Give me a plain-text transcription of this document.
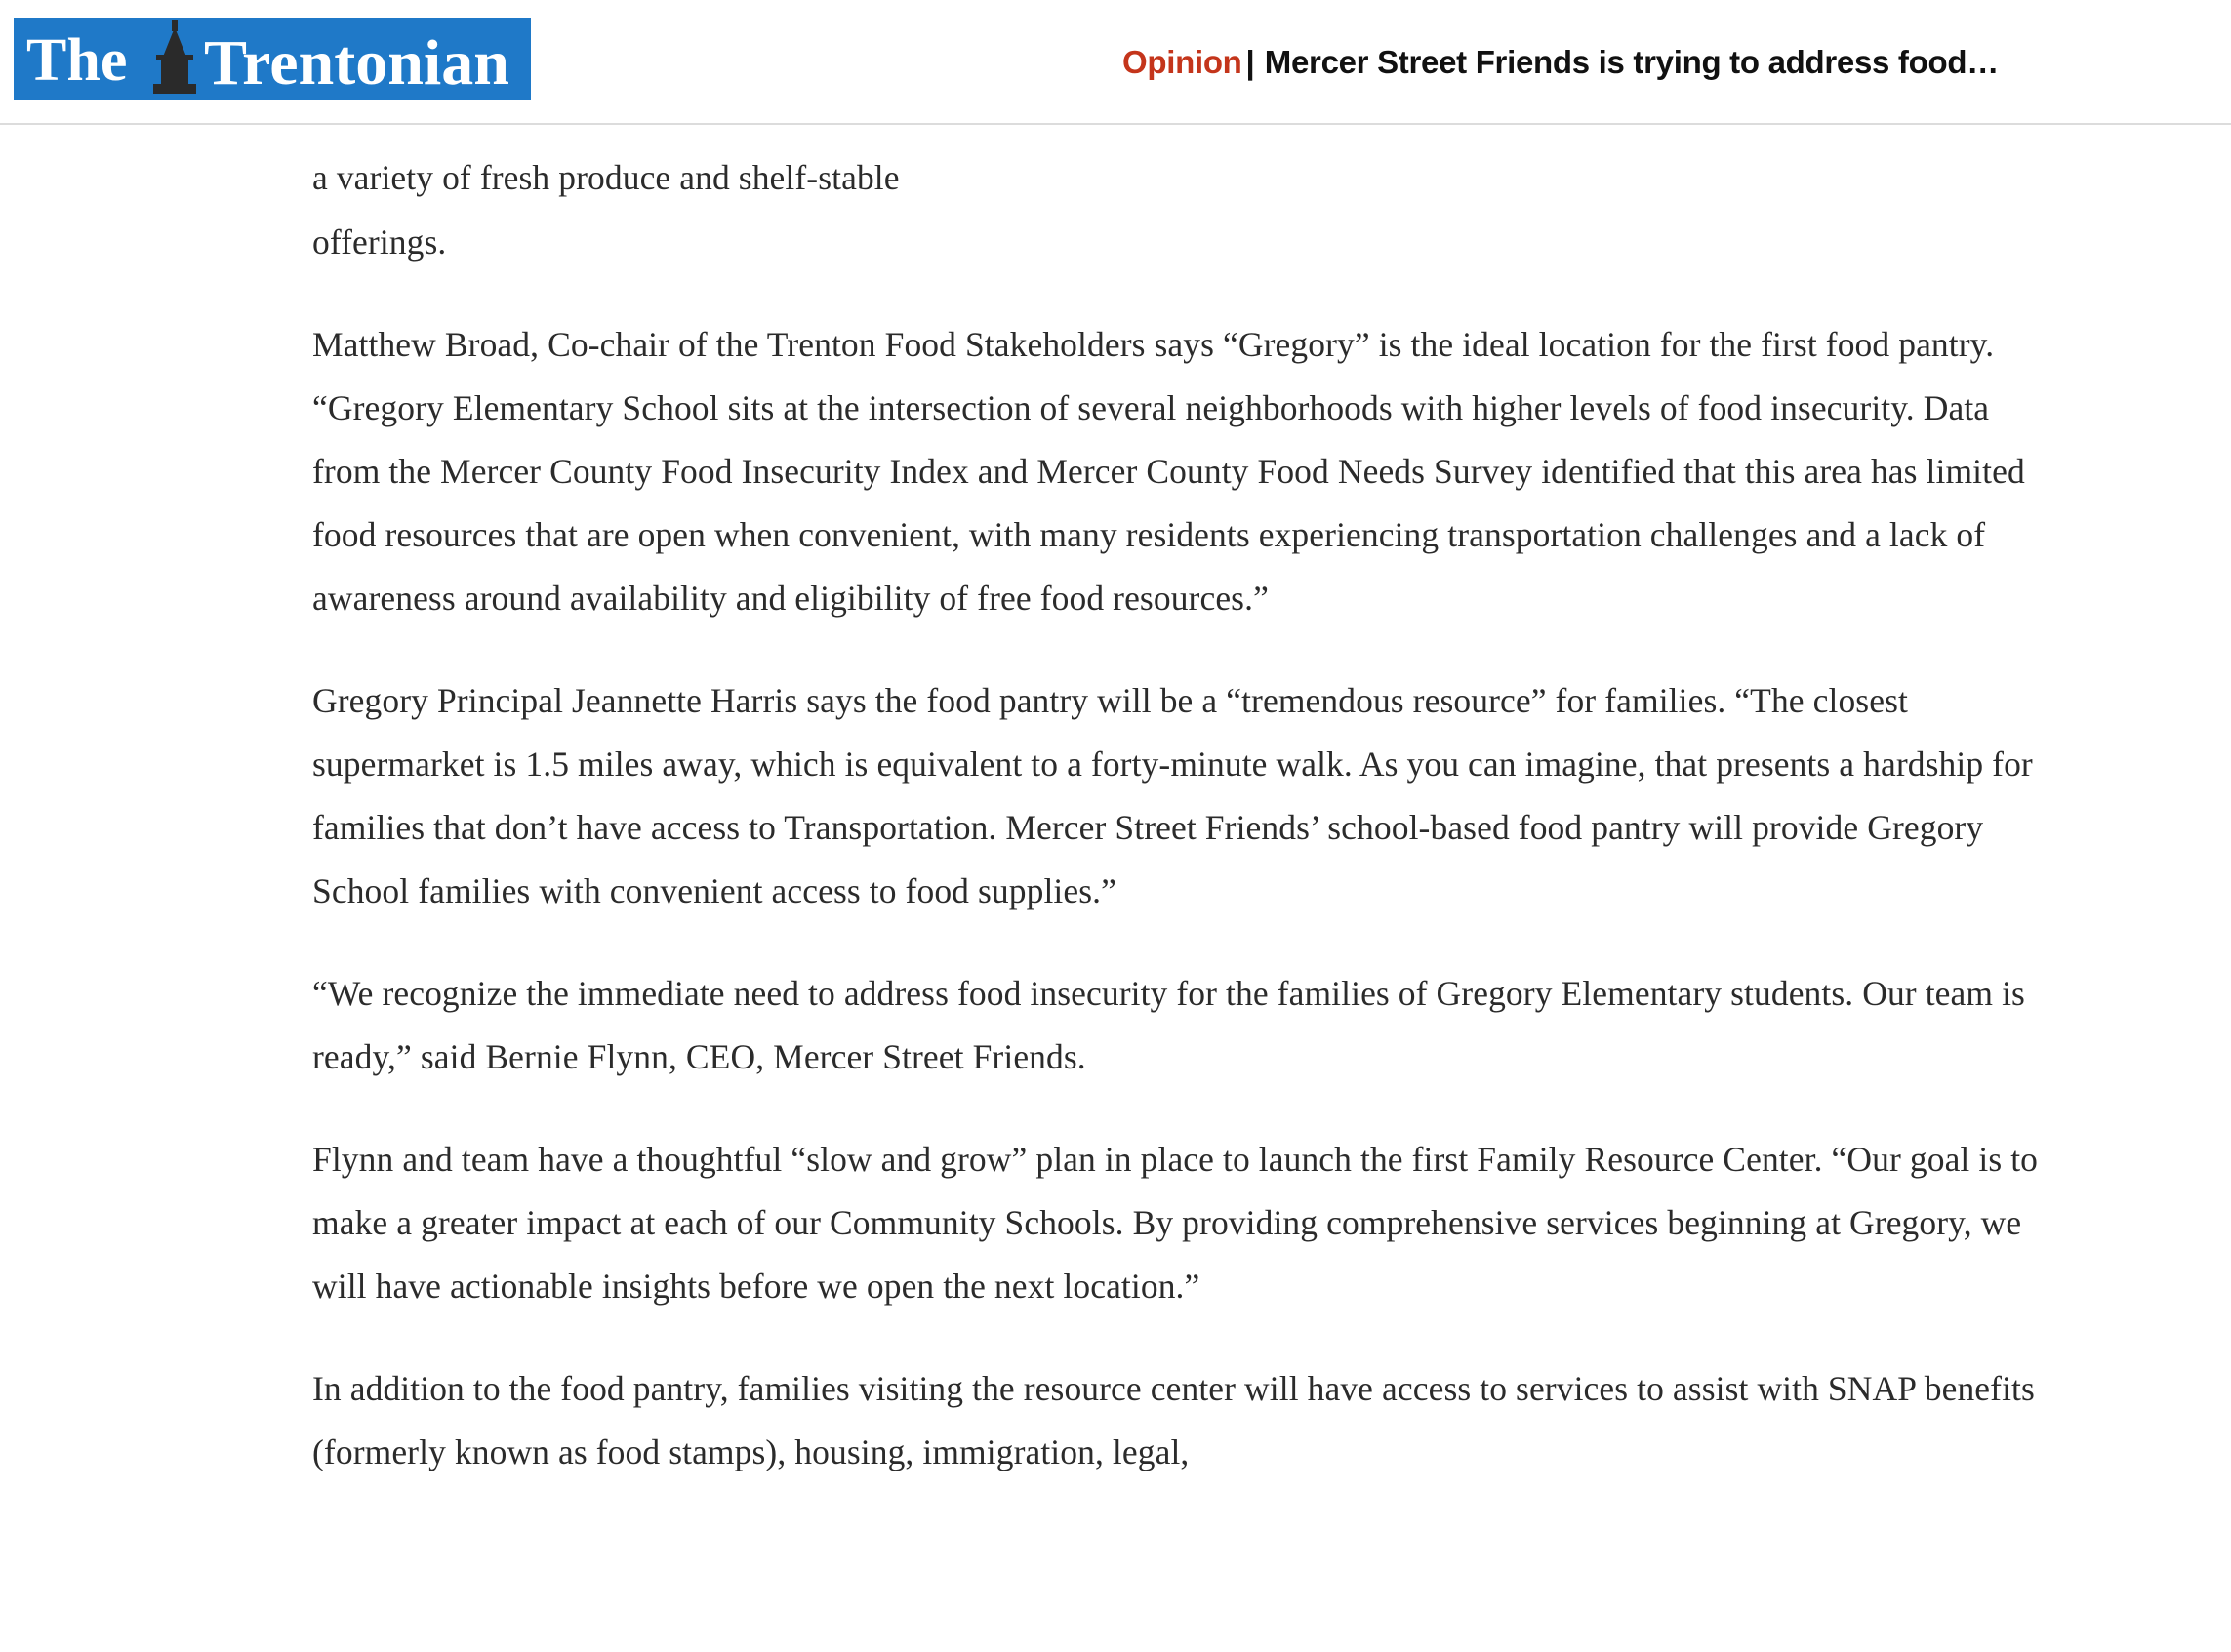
The Trentonian	Opinion | Mercer Street Friends is trying to address food…

a variety of fresh produce and shelf-stable

offerings.

Matthew Broad, Co-chair of the Trenton Food Stakeholders says “Gregory” is the ideal location for the first food pantry. “Gregory Elementary School sits at the intersection of several neighborhoods with higher levels of food insecurity. Data from the Mercer County Food Insecurity Index and Mercer County Food Needs Survey identified that this area has limited food resources that are open when convenient, with many residents experiencing transportation challenges and a lack of awareness around availability and eligibility of free food resources.”

Gregory Principal Jeannette Harris says the food pantry will be a “tremendous resource” for families. “The closest supermarket is 1.5 miles away, which is equivalent to a forty-minute walk. As you can imagine, that presents a hardship for families that don’t have access to Transportation. Mercer Street Friends’ school-based food pantry will provide Gregory School families with convenient access to food supplies.”

“We recognize the immediate need to address food insecurity for the families of Gregory Elementary students. Our team is ready,” said Bernie Flynn, CEO, Mercer Street Friends.

Flynn and team have a thoughtful “slow and grow” plan in place to launch the first Family Resource Center. “Our goal is to make a greater impact at each of our Community Schools. By providing comprehensive services beginning at Gregory, we will have actionable insights before we open the next location.”

In addition to the food pantry, families visiting the resource center will have access to services to assist with SNAP benefits (formerly known as food stamps), housing, immigration, legal,
